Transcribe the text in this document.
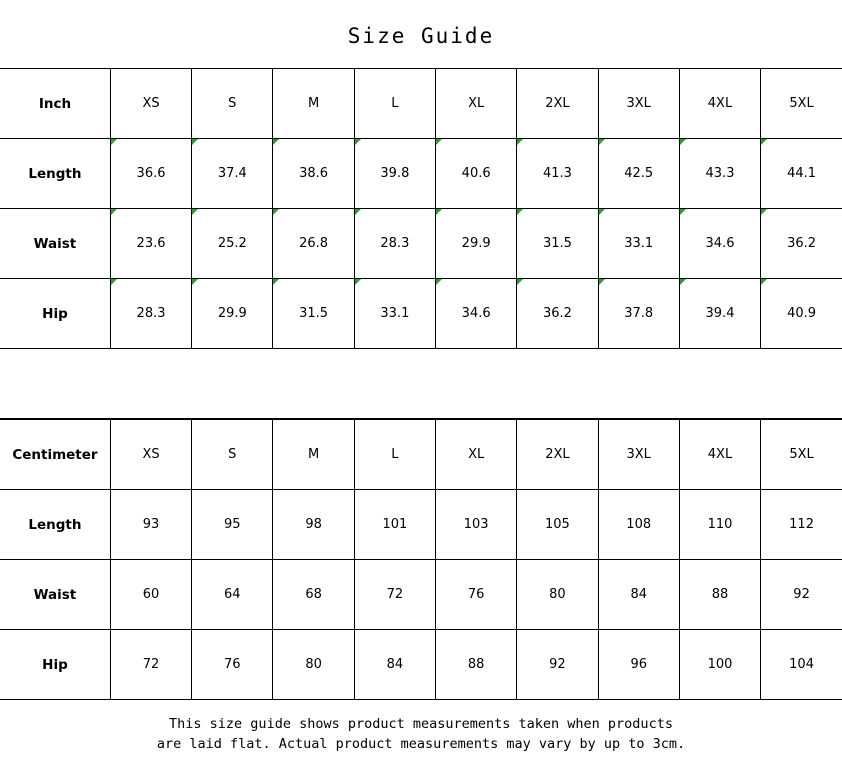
Size Guide
Inch	XS	S	M	L	XL	2XL	3XL	4XL	5XL
Length	36.6	37.4	38.6	39.8	40.6	41.3	42.5	43.3	44.1
Waist	23.6	25.2	26.8	28.3	29.9	31.5	33.1	34.6	36.2
Hip	28.3	29.9	31.5	33.1	34.6	36.2	37.8	39.4	40.9
Centimeter	XS	S	M	L	XL	2XL	3XL	4XL	5XL
Length	93	95	98	101	103	105	108	110	112
Waist	60	64	68	72	76	80	84	88	92
Hip	72	76	80	84	88	92	96	100	104
This size guide shows product measurements taken when products
are laid flat. Actual product measurements may vary by up to 3cm.
